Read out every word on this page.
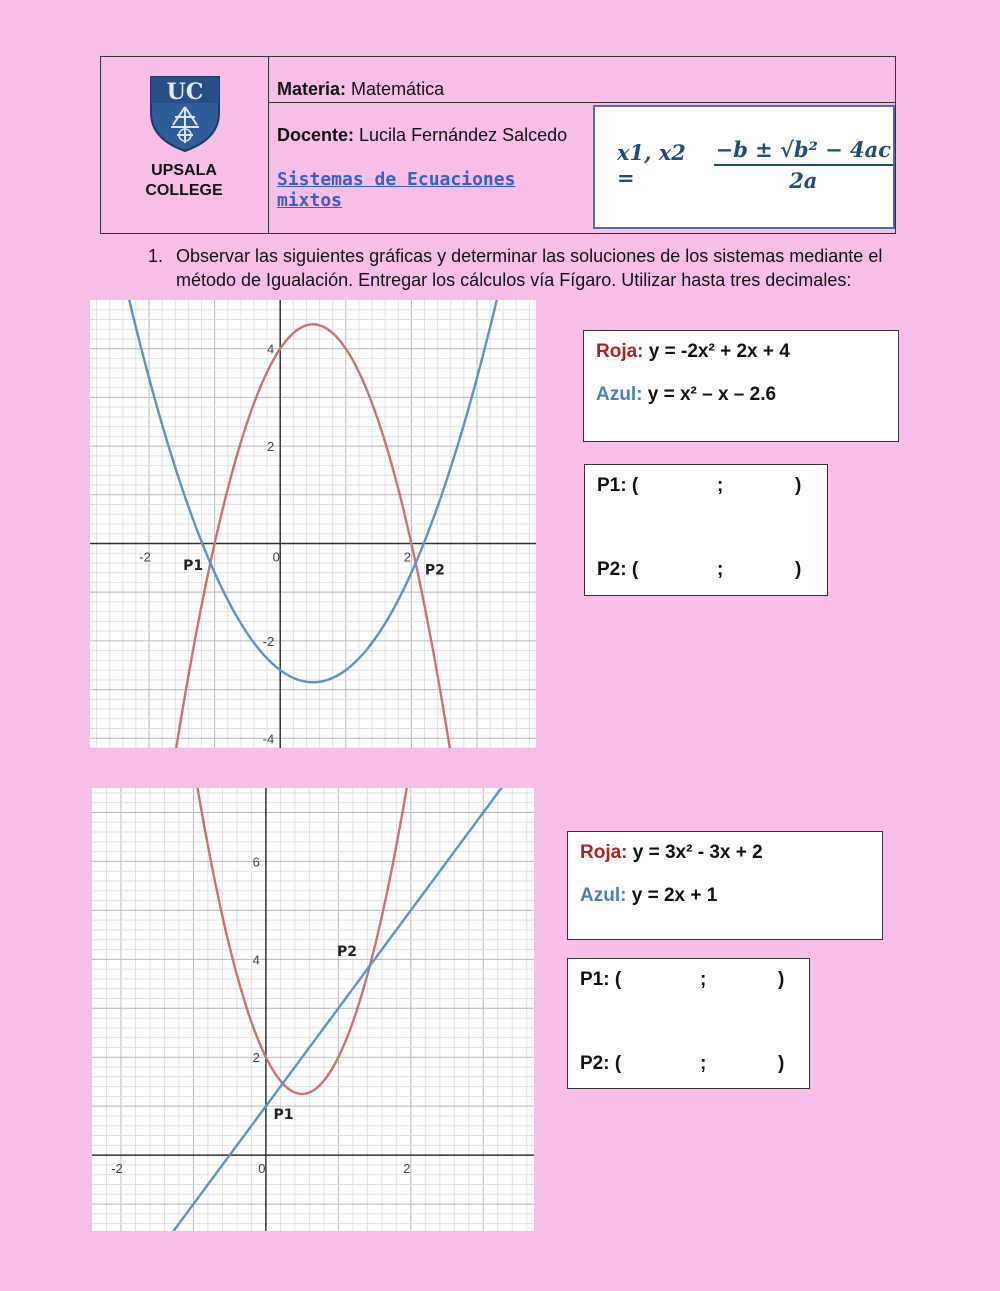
UC
UPSALA
COLLEGE
Materia: Matemática
Docente: Lucila Fernández Salcedo
Sistemas de Ecuaciones
mixtos
x1, x2 =	$\frac{\text{−b ± √b² − 4ac}}{2a}$
1. Observar las siguientes gráficas y determinar las soluciones de los sistemas mediante el método de Igualación. Entregar los cálculos vía Fígaro. Utilizar hasta tres decimales:
-2	0	2
4
2
-2
-4
P1	P2
Roja: y = -2x² + 2x + 4
Azul: y = x² – x – 2.6
P1: (	;	)
P2: (	;	)
-2	0	2
6
4
2
P1
P2
Roja: y = 3x² - 3x + 2
Azul: y = 2x + 1
P1: (	;	)
P2: (	;	)
